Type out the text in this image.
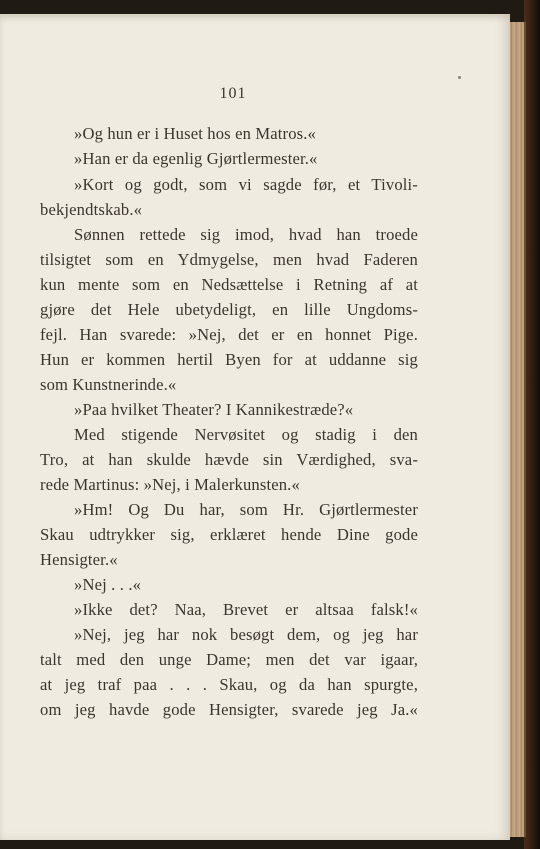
101
»Og hun er i Huset hos en Matros.«
»Han er da egenlig Gjørtlermester.«
»Kort og godt, som vi sagde før, et Tivoli-
bekjendtskab.«
Sønnen rettede sig imod, hvad han troede
tilsigtet som en Ydmygelse, men hvad Faderen
kun mente som en Nedsættelse i Retning af at
gjøre det Hele ubetydeligt, en lille Ungdoms-
fejl. Han svarede: »Nej, det er en honnet Pige.
Hun er kommen hertil Byen for at uddanne sig
som Kunstnerinde.«
»Paa hvilket Theater? I Kannikestræde?«
Med stigende Nervøsitet og stadig i den
Tro, at han skulde hævde sin Værdighed, sva-
rede Martinus: »Nej, i Malerkunsten.«
»Hm! Og Du har, som Hr. Gjørtlermester
Skau udtrykker sig, erklæret hende Dine gode
Hensigter.«
»Nej . . .«
»Ikke det? Naa, Brevet er altsaa falsk!«
»Nej, jeg har nok besøgt dem, og jeg har
talt med den unge Dame; men det var igaar,
at jeg traf paa . . . Skau, og da han spurgte,
om jeg havde gode Hensigter, svarede jeg Ja.«
